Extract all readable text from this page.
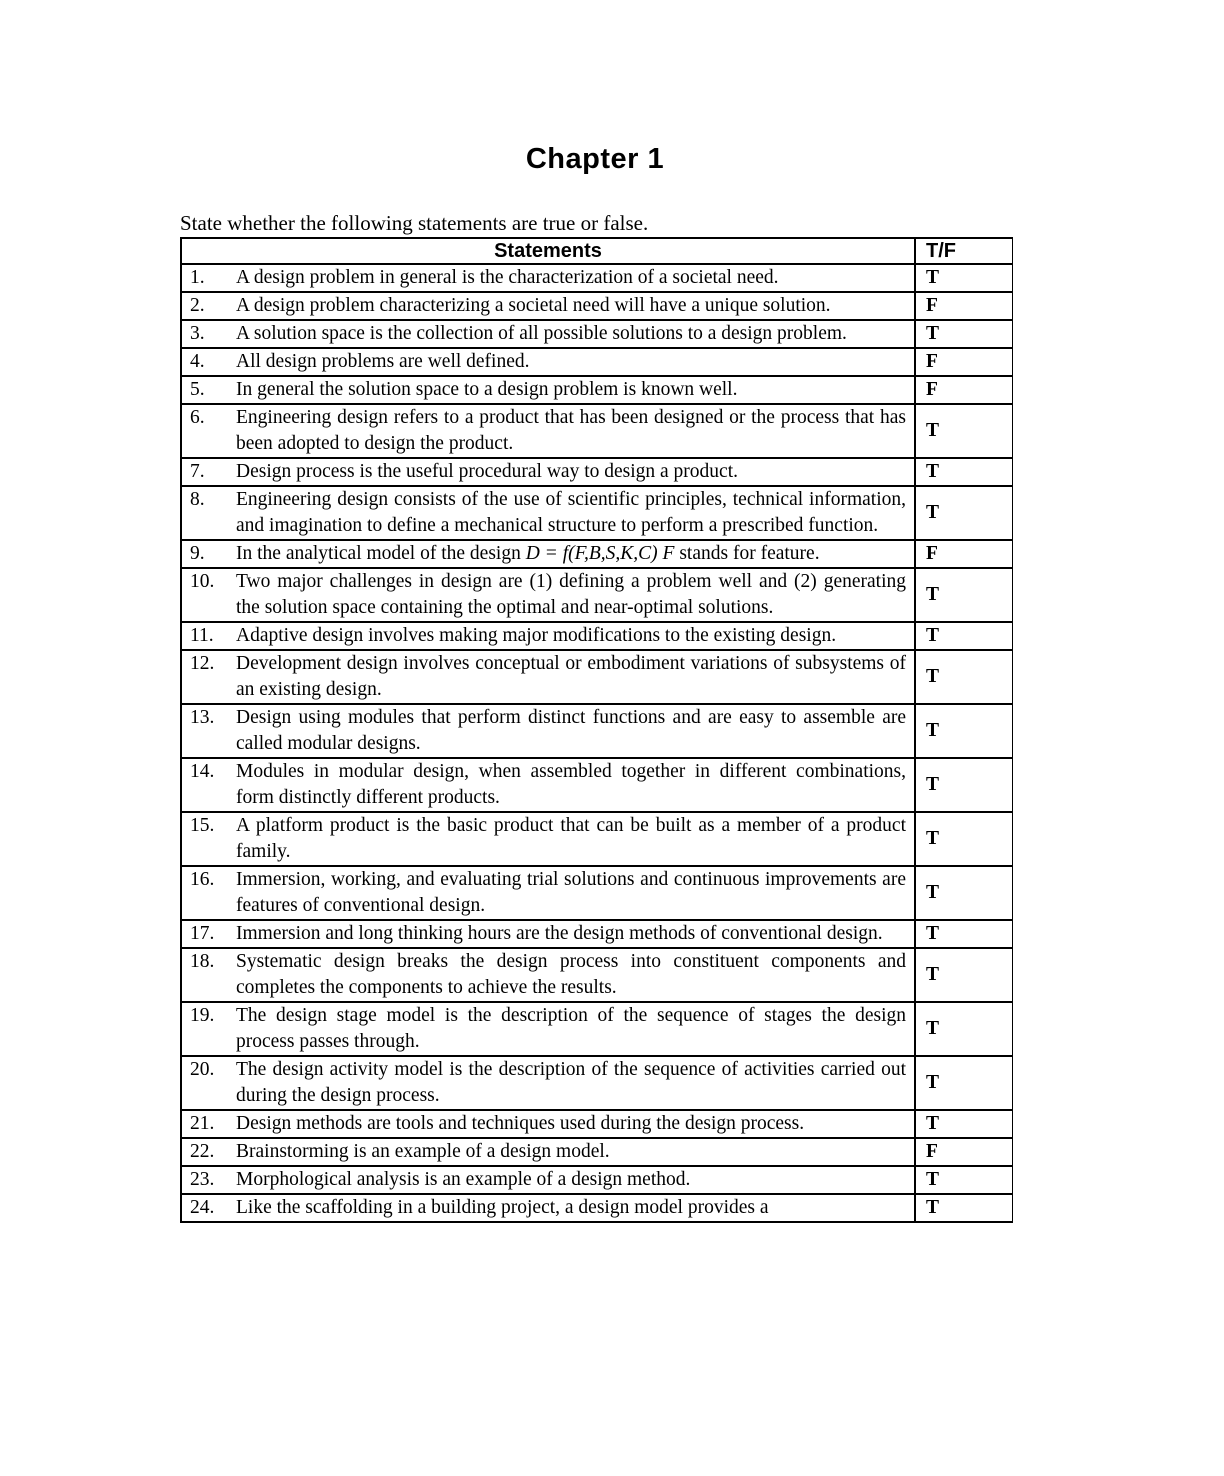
Chapter 1
State whether the following statements are true or false.
Statements	T/F

1. A design problem in general is the characterization of a societal need.	T

2. A design problem characterizing a societal need will have a unique solution.	F

3. A solution space is the collection of all possible solutions to a design problem.	T

4. All design problems are well defined.	F

5. In general the solution space to a design problem is known well.	F

6. Engineering design refers to a product that has been designed or the process that has been adopted to design the product.	T

7. Design process is the useful procedural way to design a product.	T

8. Engineering design consists of the use of scientific principles, technical information, and imagination to define a mechanical structure to perform a prescribed function.	T

9. In the analytical model of the design D = f(F,B,S,K,C) F stands for feature.	F

10. Two major challenges in design are (1) defining a problem well and (2) generating the solution space containing the optimal and near-optimal solutions.	T

11. Adaptive design involves making major modifications to the existing design.	T

12. Development design involves conceptual or embodiment variations of subsystems of an existing design.	T

13. Design using modules that perform distinct functions and are easy to assemble are called modular designs.	T

14. Modules in modular design, when assembled together in different combinations, form distinctly different products.	T

15. A platform product is the basic product that can be built as a member of a product family.	T

16. Immersion, working, and evaluating trial solutions and continuous improvements are features of conventional design.	T

17. Immersion and long thinking hours are the design methods of conventional design.	T

18. Systematic design breaks the design process into constituent components and completes the components to achieve the results.	T

19. The design stage model is the description of the sequence of stages the design process passes through.	T

20. The design activity model is the description of the sequence of activities carried out during the design process.	T

21. Design methods are tools and techniques used during the design process.	T

22. Brainstorming is an example of a design model.	F

23. Morphological analysis is an example of a design method.	T

24. Like the scaffolding in a building project, a design model provides a	T
